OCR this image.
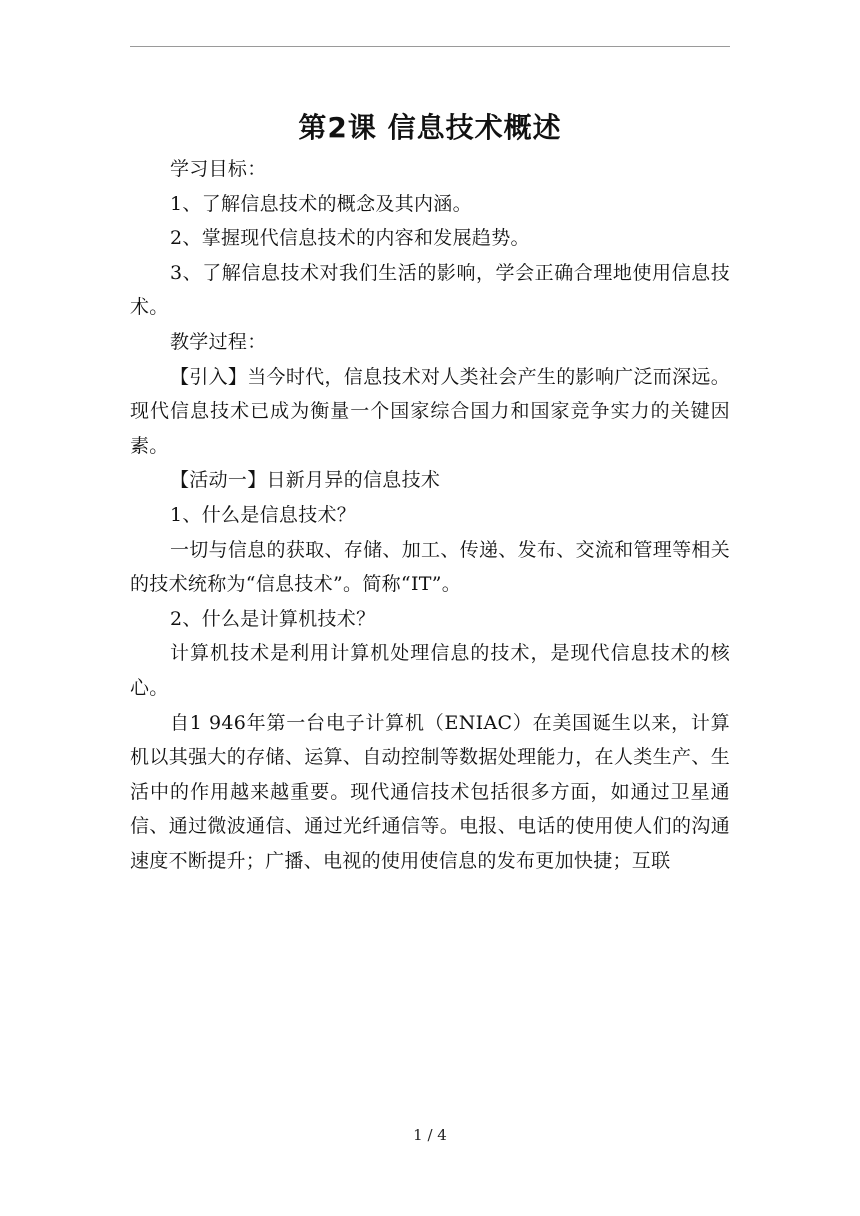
第2课 信息技术概述

学习目标：

1、了解信息技术的概念及其内涵。

2、掌握现代信息技术的内容和发展趋势。

3、了解信息技术对我们生活的影响，学会正确合理地使用信息技术。

教学过程：

【引入】当今时代，信息技术对人类社会产生的影响广泛而深远。现代信息技术已成为衡量一个国家综合国力和国家竞争实力的关键因素。

【活动一】日新月异的信息技术

1、什么是信息技术？

一切与信息的获取、存储、加工、传递、发布、交流和管理等相关的技术统称为“信息技术”。简称“IT”。

2、什么是计算机技术？

计算机技术是利用计算机处理信息的技术，是现代信息技术的核心。

自1 946年第一台电子计算机（ENIAC）在美国诞生以来，计算机以其强大的存储、运算、自动控制等数据处理能力，在人类生产、生活中的作用越来越重要。现代通信技术包括很多方面，如通过卫星通信、通过微波通信、通过光纤通信等。电报、电话的使用使人们的沟通速度不断提升；广播、电视的使用使信息的发布更加快捷；互联

1 / 4
